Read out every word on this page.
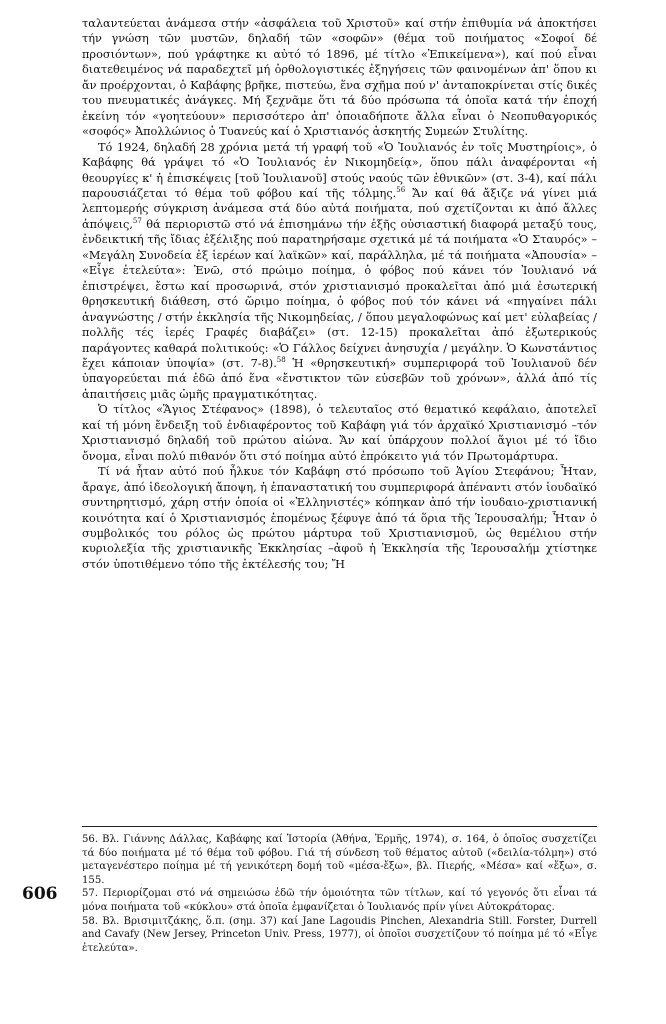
ταλαντεύεται ἀνάμεσα στήν «ἀσφάλεια τοῦ Χριστοῦ» καί στήν ἐπιθυμία νά ἀποκτήσει τήν γνώση τῶν μυστῶν, δηλαδή τῶν «σοφῶν» (θέμα τοῦ ποιήματος «Σοφοί δέ προσιόντων», πού γράφτηκε κι αὐτό τό 1896, μέ τίτλο «Ἐπικείμενα»), καί πού εἶναι διατεθειμένος νά παραδεχτεῖ μή ὀρθολογιστικές ἐξηγήσεις τῶν φαινομένων ἀπ' ὅπου κι ἄν προέρχονται, ὁ Καβάφης βρῆκε, πιστεύω, ἕνα σχῆμα πού ν' ἀνταποκρίνεται στίς δικές του πνευματικές ἀνάγκες. Μή ξεχνᾶμε ὅτι τά δύο πρόσωπα τά ὁποῖα κατά τήν ἐποχή ἐκείνη τόν «γοητεύουν» περισσότερο ἀπ' ὁποιαδήποτε ἄλλα εἶναι ὁ Νεοπυθαγορικός «σοφός» Ἀπολλώνιος ὁ Τυανεύς καί ὁ Χριστιανός ἀσκητής Συμεών Στυλίτης.

Τό 1924, δηλαδή 28 χρόνια μετά τή γραφή τοῦ «Ὁ Ἰουλιανός ἐν τοῖς Μυστηρίοις», ὁ Καβάφης θά γράψει τό «Ὁ Ἰουλιανός ἐν Νικομηδείᾳ», ὅπου πάλι ἀναφέρονται «ἡ θεουργίες κ' ἡ ἐπισκέψεις [τοῦ Ἰουλιανοῦ] στούς ναούς τῶν ἐθνικῶν» (στ. 3-4), καί πάλι παρουσιάζεται τό θέμα τοῦ φόβου καί τῆς τόλμης.$^{56}$ Ἄν καί θά ἄξιζε νά γίνει μιά λεπτομερής σύγκριση ἀνάμεσα στά δύο αὐτά ποιήματα, πού σχετίζονται κι ἀπό ἄλλες ἀπόψεις,$^{57}$ θά περιοριστῶ στό νά ἐπισημάνω τήν ἐξῆς οὐσιαστική διαφορά μεταξύ τους, ἐνδεικτική τῆς ἴδιας ἐξέλιξης πού παρατηρήσαμε σχετικά μέ τά ποιήματα «Ὁ Σταυρός» – «Μεγάλη Συνοδεία ἐξ ἱερέων καί λαϊκῶν» καί, παράλληλα, μέ τά ποιήματα «Ἀπουσία» – «Εἶγε ἐτελεύτα»: Ἐνῶ, στό πρώιμο ποίημα, ὁ φόβος πού κάνει τόν Ἰουλιανό νά ἐπιστρέψει, ἔστω καί προσωρινά, στόν χριστιανισμό προκαλεῖται ἀπό μιά ἐσωτερική θρησκευτική διάθεση, στό ὥριμο ποίημα, ὁ φόβος πού τόν κάνει νά «πηγαίνει πάλι ἀναγνώστης / στήν ἐκκλησία τῆς Νικομηδείας, / ὅπου μεγαλοφώνως καί μετ' εὐλαβείας / πολλῆς τές ἱερές Γραφές διαβάζει» (στ. 12-15) προκαλεῖται ἀπό ἐξωτερικούς παράγοντες καθαρά πολιτικούς: «Ὁ Γάλλος δείχνει ἀνησυχία / μεγάλην. Ὁ Κωνστάντιος ἔχει κάποιαν ὑποψία» (στ. 7-8).$^{58}$ Ἡ «θρησκευτική» συμπεριφορά τοῦ Ἰουλιανοῦ δέν ὑπαγορεύεται πιά ἐδῶ ἀπό ἕνα «ἔνστικτον τῶν εὐσεβῶν τοῦ χρόνων», ἀλλά ἀπό τίς ἀπαιτήσεις μιᾶς ὠμῆς πραγματικότητας.

Ὁ τίτλος «Ἅγιος Στέφανος» (1898), ὁ τελευταῖος στό θεματικό κεφάλαιο, ἀποτελεῖ καί τή μόνη ἔνδειξη τοῦ ἐνδιαφέροντος τοῦ Καβάφη γιά τόν ἀρχαϊκό Χριστιανισμό –τόν Χριστιανισμό δηλαδή τοῦ πρώτου αἰώνα. Ἄν καί ὑπάρχουν πολλοί ἅγιοι μέ τό ἴδιο ὄνομα, εἶναι πολύ πιθανόν ὅτι στό ποίημα αὐτό ἐπρόκειτο γιά τόν Πρωτομάρτυρα.

Τί νά ἦταν αὐτό πού ἦλκυε τόν Καβάφη στό πρόσωπο τοῦ Ἁγίου Στεφάνου; Ἦταν, ἄραγε, ἀπό ἰδεολογική ἄποψη, ἡ ἐπαναστατική του συμπεριφορά ἀπέναντι στόν ἰουδαϊκό συντηρητισμό, χάρη στήν ὁποία οἱ «Ἑλληνιστές» κόπηκαν ἀπό τήν ἰουδαιο-χριστιανική κοινότητα καί ὁ Χριστιανισμός ἑπομένως ξέφυγε ἀπό τά ὅρια τῆς Ἱερουσαλήμ; Ἦταν ὁ συμβολικός του ρόλος ὡς πρώτου μάρτυρα τοῦ Χριστιανισμοῦ, ὡς θεμέλιου στήν κυριολεξία τῆς χριστιανικῆς Ἐκκλησίας –ἀφοῦ ἡ Ἐκκλησία τῆς Ἱερουσαλήμ χτίστηκε στόν ὑποτιθέμενο τόπο τῆς ἐκτέλεσής του; Ἤ

56. Βλ. Γιάννης Δάλλας, Καβάφης καί Ἱστορία (Ἀθήνα, Ἑρμῆς, 1974), σ. 164, ὁ ὁποῖος συσχετίζει τά δύο ποιήματα μέ τό θέμα τοῦ φόβου. Γιά τή σύνδεση τοῦ θέματος αὐτοῦ («δειλία-τόλμη») στό μεταγενέστερο ποίημα μέ τή γενικότερη δομή τοῦ «μέσα-ἔξω», βλ. Πιερής, «Μέσα» καί «ἔξω», σ. 155.

57. Περιορίζομαι στό νά σημειώσω ἐδῶ τήν ὁμοιότητα τῶν τίτλων, καί τό γεγονός ὅτι εἶναι τά μόνα ποιήματα τοῦ «κύκλου» στά ὁποῖα ἐμφανίζεται ὁ Ἰουλιανός πρίν γίνει Αὐτοκράτορας.

58. Βλ. Βρισιμιτζάκης, ὅ.π. (σημ. 37) καί Jane Lagoudis Pinchen, Alexandria Still. Forster, Durrell and Cavafy (New Jersey, Princeton Univ. Press, 1977), οἱ ὁποῖοι συσχετίζουν τό ποίημα μέ τό «Εἶγε ἐτελεύτα».

606
